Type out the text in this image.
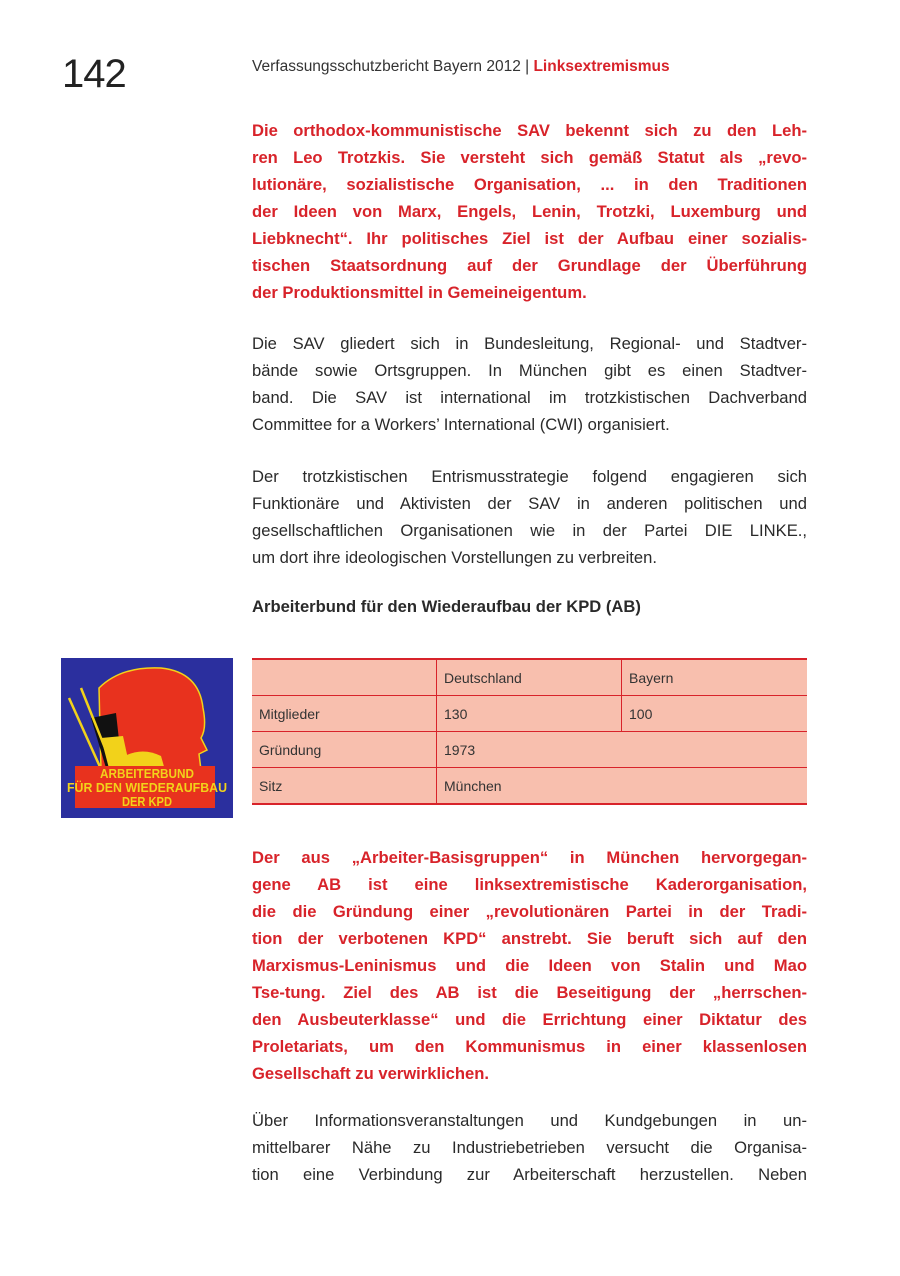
142	Verfassungsschutzbericht Bayern 2012 | Linksextremismus
Die orthodox-kommunistische SAV bekennt sich zu den Leh-
ren Leo Trotzkis. Sie versteht sich gemäß Statut als „revo-
lutionäre, sozialistische Organisation, ... in den Traditionen
der Ideen von Marx, Engels, Lenin, Trotzki, Luxemburg und
Liebknecht“. Ihr politisches Ziel ist der Aufbau einer sozialis-
tischen Staatsordnung auf der Grundlage der Überführung
der Produktionsmittel in Gemeineigentum.
Die SAV gliedert sich in Bundesleitung, Regional- und Stadtver-
bände sowie Ortsgruppen. In München gibt es einen Stadtver-
band. Die SAV ist international im trotzkistischen Dachverband
Committee for a Workers’ International (CWI) organisiert.
Der trotzkistischen Entrismusstrategie folgend engagieren sich
Funktionäre und Aktivisten der SAV in anderen politischen und
gesellschaftlichen Organisationen wie in der Partei DIE LINKE.,
um dort ihre ideologischen Vorstellungen zu verbreiten.
Arbeiterbund für den Wiederaufbau der KPD (AB)
ARBEITERBUND
FÜR DEN WIEDERAUFBAU
DER KPD
	Deutschland	Bayern
Mitglieder	130	100
Gründung	1973	
Sitz	München	
Der aus „Arbeiter-Basisgruppen“ in München hervorgegan-
gene AB ist eine linksextremistische Kaderorganisation,
die die Gründung einer „revolutionären Partei in der Tradi-
tion der verbotenen KPD“ anstrebt. Sie beruft sich auf den
Marxismus-Leninismus und die Ideen von Stalin und Mao
Tse-tung. Ziel des AB ist die Beseitigung der „herrschen-
den Ausbeuterklasse“ und die Errichtung einer Diktatur des
Proletariats, um den Kommunismus in einer klassenlosen
Gesellschaft zu verwirklichen.
Über Informationsveranstaltungen und Kundgebungen in un-
mittelbarer Nähe zu Industriebetrieben versucht die Organisa-
tion eine Verbindung zur Arbeiterschaft herzustellen. Neben
